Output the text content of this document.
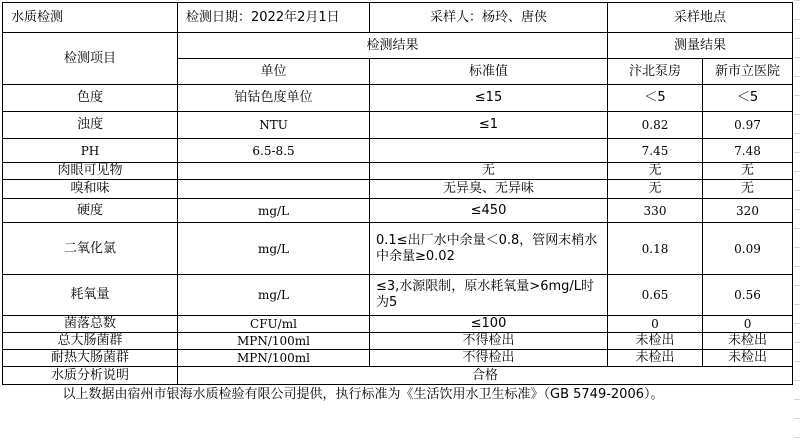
水质检测	检测日期：2022年2月1日	采样人：杨玲、唐侠	采样地点	
检测项目	检测结果		测量结果	
	单位	标准值	汴北泵房	新市立医院
色度	铂钴色度单位	≤15	＜5	＜5
浊度	NTU	≤1	0.82	0.97
PH	6.5-8.5		7.45	7.48
肉眼可见物		无	无	无
嗅和味		无异臭、无异味	无	无
硬度	mg/L	≤450	330	320
二氧化氯	mg/L	0.1≤出厂水中余量＜0.8，管网末梢水中余量≥0.02	0.18	0.09
耗氧量	mg/L	≤3,水源限制，原水耗氧量>6mg/L时为5	0.65	0.56
菌落总数	CFU/ml	≤100	0	0
总大肠菌群	MPN/100ml	不得检出	未检出	未检出
耐热大肠菌群	MPN/100ml	不得检出	未检出	未检出
水质分析说明	合格			
以上数据由宿州市银海水质检验有限公司提供，执行标准为《生活饮用水卫生标准》（GB 5749-2006）。				
